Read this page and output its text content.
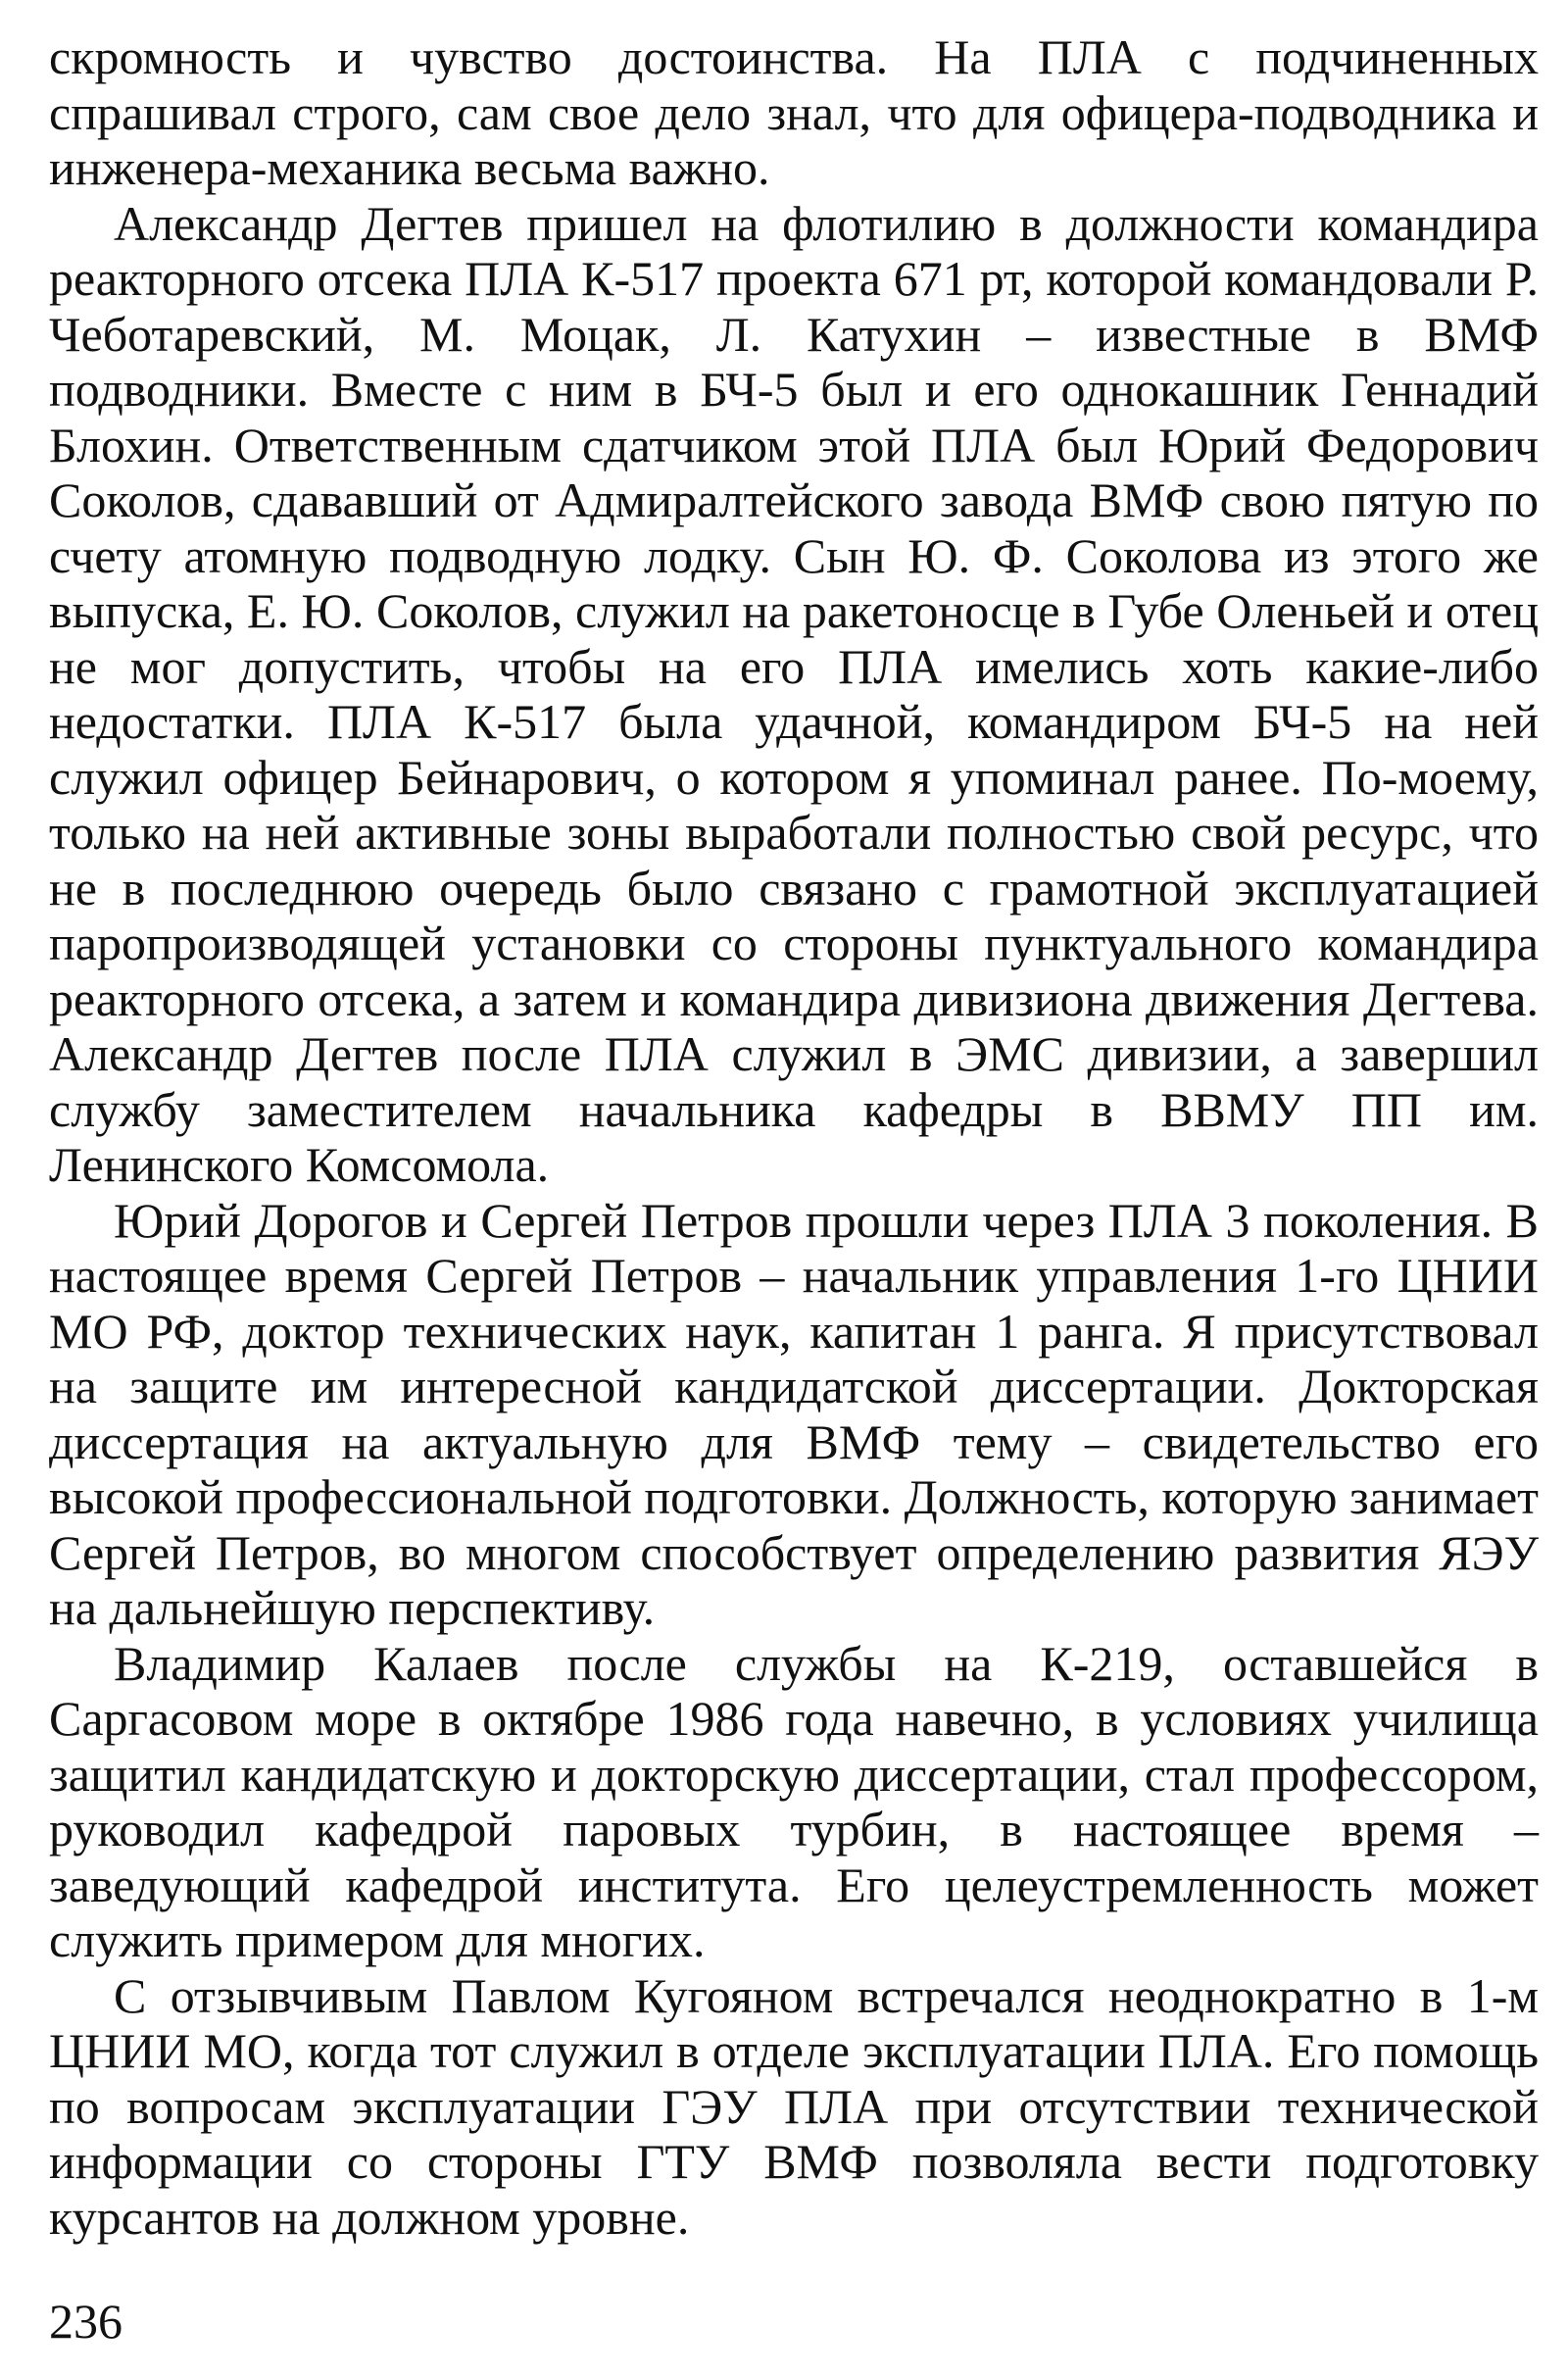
скромность и чувство достоинства. На ПЛА с подчиненных спрашивал строго, сам свое дело знал, что для офицера-подводника и инженера-механика весьма важно.

Александр Дегтев пришел на флотилию в должности командира реакторного отсека ПЛА К-517 проекта 671 рт, которой командовали Р. Чеботаревский, М. Моцак, Л. Катухин – известные в ВМФ подводники. Вместе с ним в БЧ-5 был и его однокашник Геннадий Блохин. Ответственным сдатчиком этой ПЛА был Юрий Федорович Соколов, сдававший от Адмиралтейского завода ВМФ свою пятую по счету атомную подводную лодку. Сын Ю. Ф. Соколова из этого же выпуска, Е. Ю. Соколов, служил на ракетоносце в Губе Оленьей и отец не мог допустить, чтобы на его ПЛА имелись хоть какие-либо недостатки. ПЛА К-517 была удачной, командиром БЧ-5 на ней служил офицер Бейнарович, о котором я упоминал ранее. По-моему, только на ней активные зоны выработали полностью свой ресурс, что не в последнюю очередь было связано с грамотной эксплуатацией паропроизводящей установки со стороны пунктуального командира реакторного отсека, а затем и командира дивизиона движения Дегтева. Александр Дегтев после ПЛА служил в ЭМС дивизии, а завершил службу заместителем начальника кафедры в ВВМУ ПП им. Ленинского Комсомола.

Юрий Дорогов и Сергей Петров прошли через ПЛА 3 поколения. В настоящее время Сергей Петров – начальник управления 1-го ЦНИИ МО РФ, доктор технических наук, капитан 1 ранга. Я присутствовал на защите им интересной кандидатской диссертации. Докторская диссертация на актуальную для ВМФ тему – свидетельство его высокой профессиональной подготовки. Должность, которую занимает Сергей Петров, во многом способствует определению развития ЯЭУ на дальнейшую перспективу.

Владимир Калаев после службы на К-219, оставшейся в Саргасовом море в октябре 1986 года навечно, в условиях училища защитил кандидатскую и докторскую диссертации, стал профессором, руководил кафедрой паровых турбин, в настоящее время – заведующий кафедрой института. Его целеустремленность может служить примером для многих.

С отзывчивым Павлом Кугояном встречался неоднократно в 1-м ЦНИИ МО, когда тот служил в отделе эксплуатации ПЛА. Его помощь по вопросам эксплуатации ГЭУ ПЛА при отсутствии технической информации со стороны ГТУ ВМФ позволяла вести подготовку курсантов на должном уровне.

236
